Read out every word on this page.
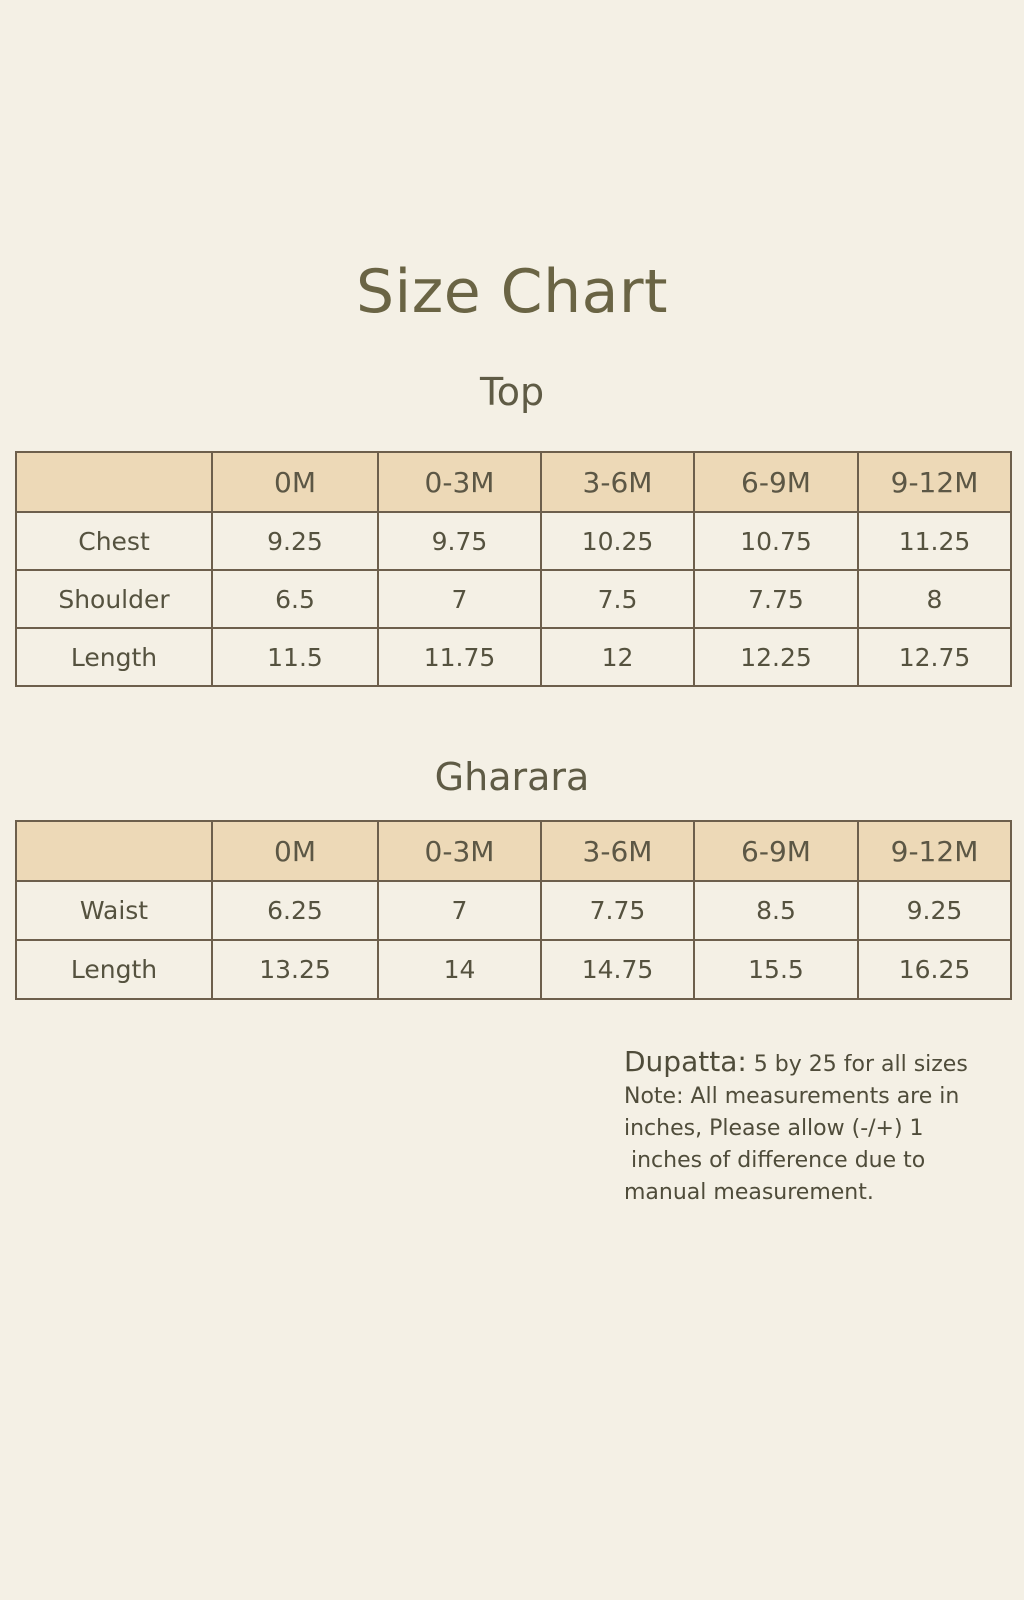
Size Chart
Top
	0M	0-3M	3-6M	6-9M	9-12M
Chest	9.25	9.75	10.25	10.75	11.25
Shoulder	6.5	7	7.5	7.75	8
Length	11.5	11.75	12	12.25	12.75
Gharara
	0M	0-3M	3-6M	6-9M	9-12M
Waist	6.25	7	7.75	8.5	9.25
Length	13.25	14	14.75	15.5	16.25

Dupatta: 5 by 25 for all sizes

Note: All measurements are in

inches, Please allow (-/+) 1

inches of difference due to

manual measurement.
